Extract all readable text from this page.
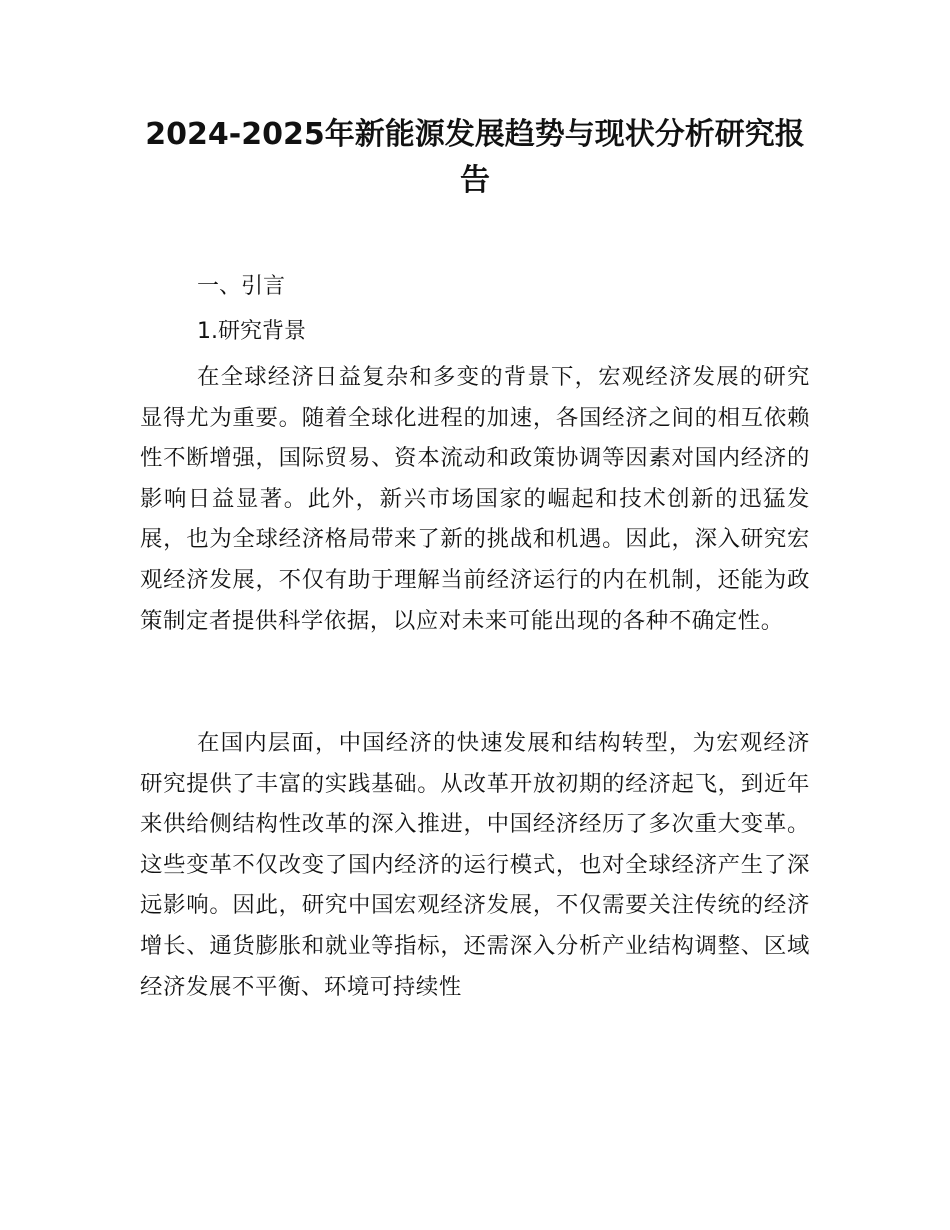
2024-2025年新能源发展趋势与现状分析研究报告
一、引言
1.研究背景

在全球经济日益复杂和多变的背景下，宏观经济发展的研究显得尤为重要。随着全球化进程的加速，各国经济之间的相互依赖性不断增强，国际贸易、资本流动和政策协调等因素对国内经济的影响日益显著。此外，新兴市场国家的崛起和技术创新的迅猛发展，也为全球经济格局带来了新的挑战和机遇。因此，深入研究宏观经济发展，不仅有助于理解当前经济运行的内在机制，还能为政策制定者提供科学依据，以应对未来可能出现的各种不确定性。

在国内层面，中国经济的快速发展和结构转型，为宏观经济研究提供了丰富的实践基础。从改革开放初期的经济起飞，到近年来供给侧结构性改革的深入推进，中国经济经历了多次重大变革。这些变革不仅改变了国内经济的运行模式，也对全球经济产生了深远影响。因此，研究中国宏观经济发展，不仅需要关注传统的经济增长、通货膨胀和就业等指标，还需深入分析产业结构调整、区域经济发展不平衡、环境可持续性
